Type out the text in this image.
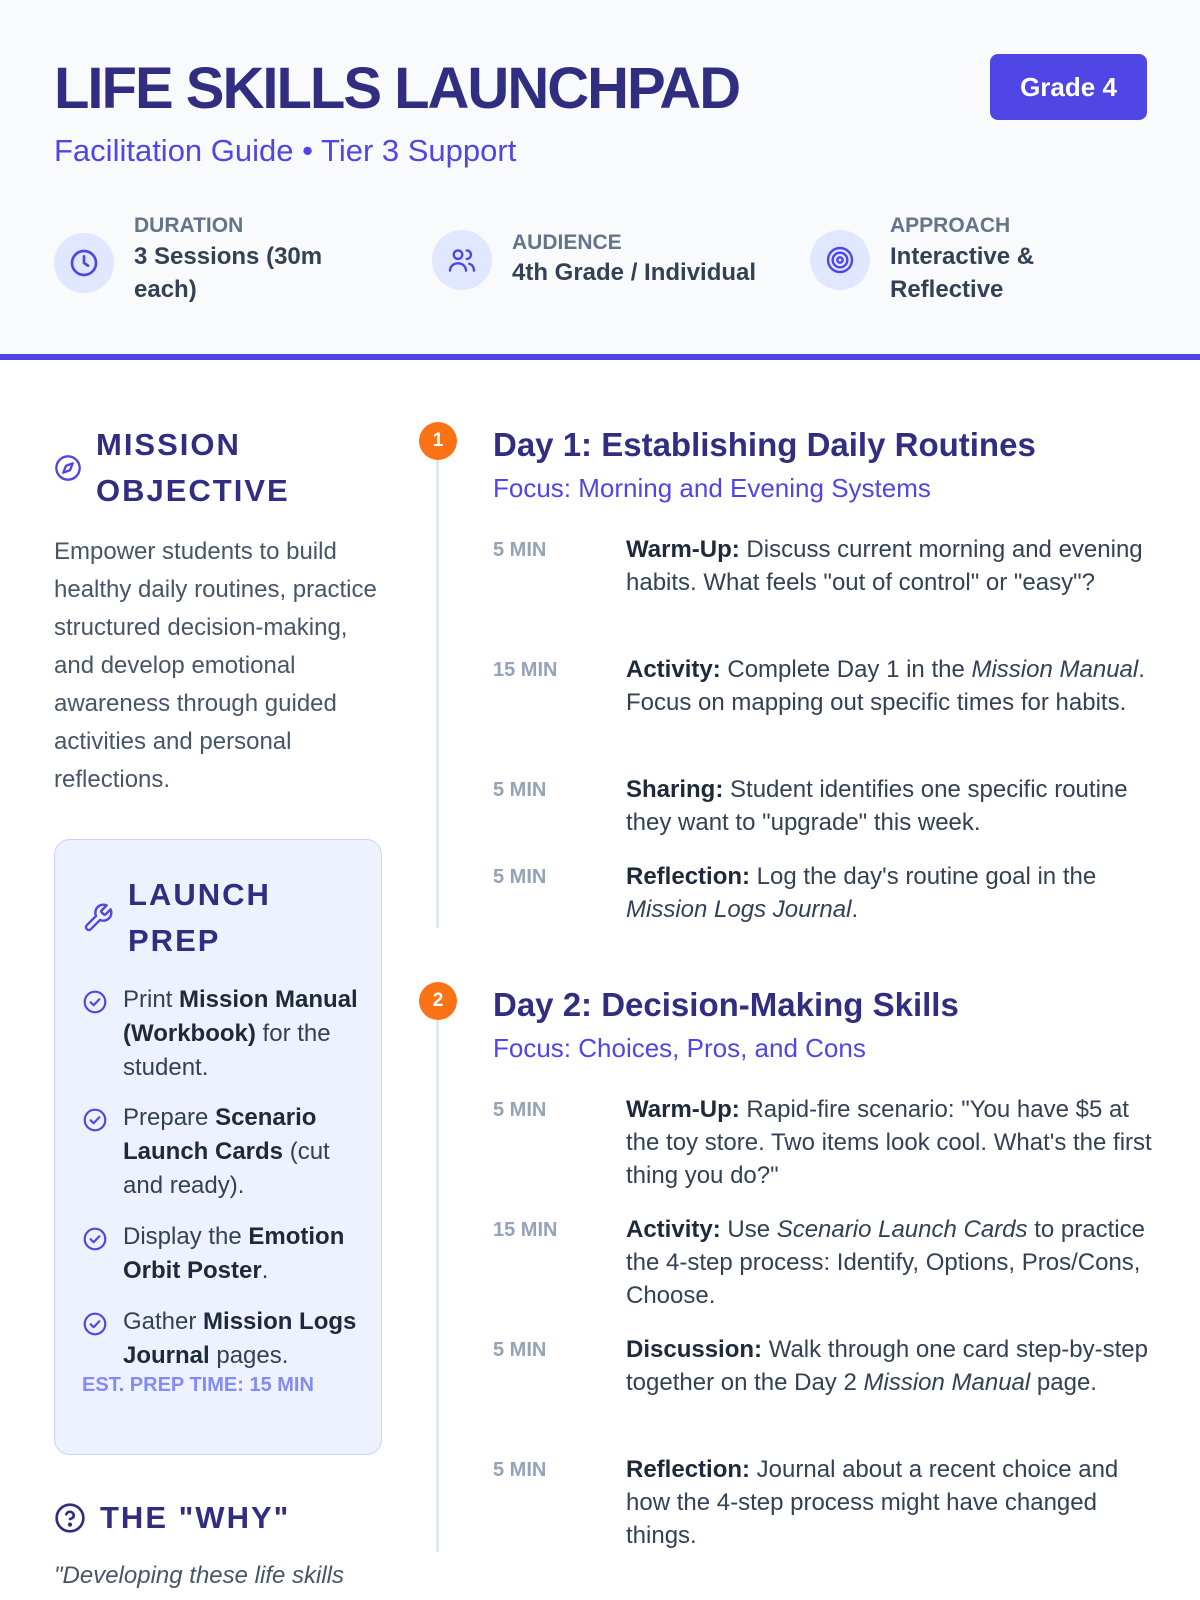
LIFE SKILLS LAUNCHPAD
Facilitation Guide • Tier 3 Support
Grade 4
DURATION
3 Sessions (30m each)
AUDIENCE
4th Grade / Individual
APPROACH
Interactive & Reflective
MISSION OBJECTIVE
Empower students to build healthy daily routines, practice structured decision-making, and develop emotional awareness through guided activities and personal reflections.
LAUNCH PREP
Print Mission Manual (Workbook) for the student.
Prepare Scenario Launch Cards (cut and ready).
Display the Emotion Orbit Poster.
Gather Mission Logs Journal pages.
EST. PREP TIME: 15 MIN
THE "WHY"
"Developing these life skills
1	Day 1: Establishing Daily Routines
Focus: Morning and Evening Systems
5 MIN	Warm-Up: Discuss current morning and evening habits. What feels "out of control" or "easy"?
15 MIN	Activity: Complete Day 1 in the Mission Manual. Focus on mapping out specific times for habits.
5 MIN	Sharing: Student identifies one specific routine they want to "upgrade" this week.
5 MIN	Reflection: Log the day's routine goal in the Mission Logs Journal.
2	Day 2: Decision-Making Skills
Focus: Choices, Pros, and Cons
5 MIN	Warm-Up: Rapid-fire scenario: "You have $5 at the toy store. Two items look cool. What's the first thing you do?"
15 MIN	Activity: Use Scenario Launch Cards to practice the 4-step process: Identify, Options, Pros/Cons, Choose.
5 MIN	Discussion: Walk through one card step-by-step together on the Day 2 Mission Manual page.
5 MIN	Reflection: Journal about a recent choice and how the 4-step process might have changed things.
